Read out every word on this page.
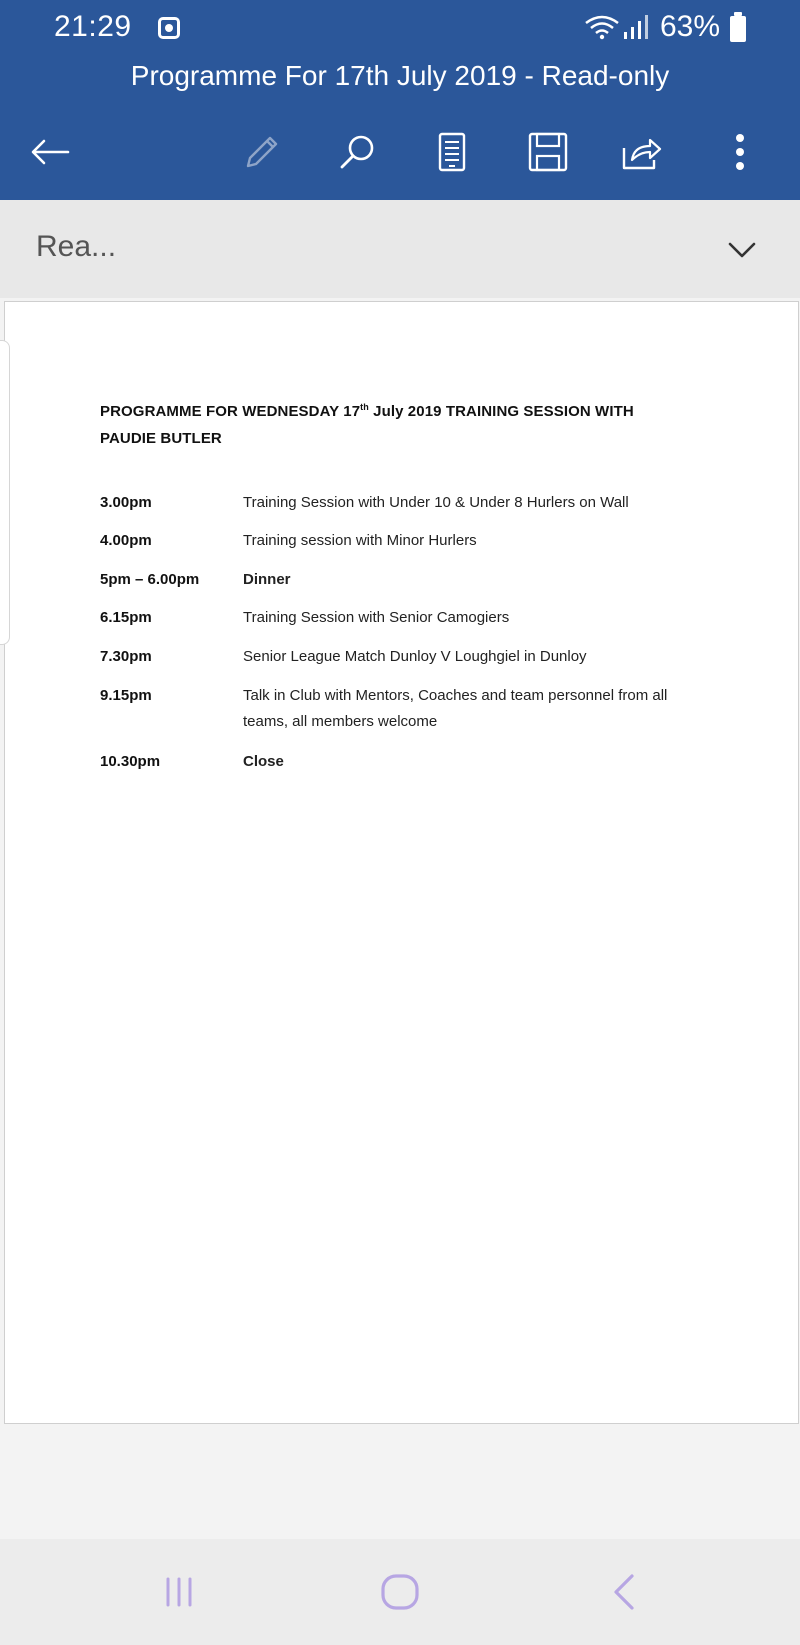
21:29	63%
Programme For 17th July 2019 - Read-only
Rea...
PROGRAMME FOR WEDNESDAY 17th July 2019 TRAINING SESSION WITH
PAUDIE BUTLER
3.00pm	Training Session with Under 10 & Under 8 Hurlers on Wall
4.00pm	Training session with Minor Hurlers
5pm – 6.00pm	Dinner
6.15pm	Training Session with Senior Camogiers
7.30pm	Senior League Match Dunloy V Loughgiel in Dunloy
9.15pm	Talk in Club with Mentors, Coaches and team personnel from all teams, all members welcome
10.30pm	Close
